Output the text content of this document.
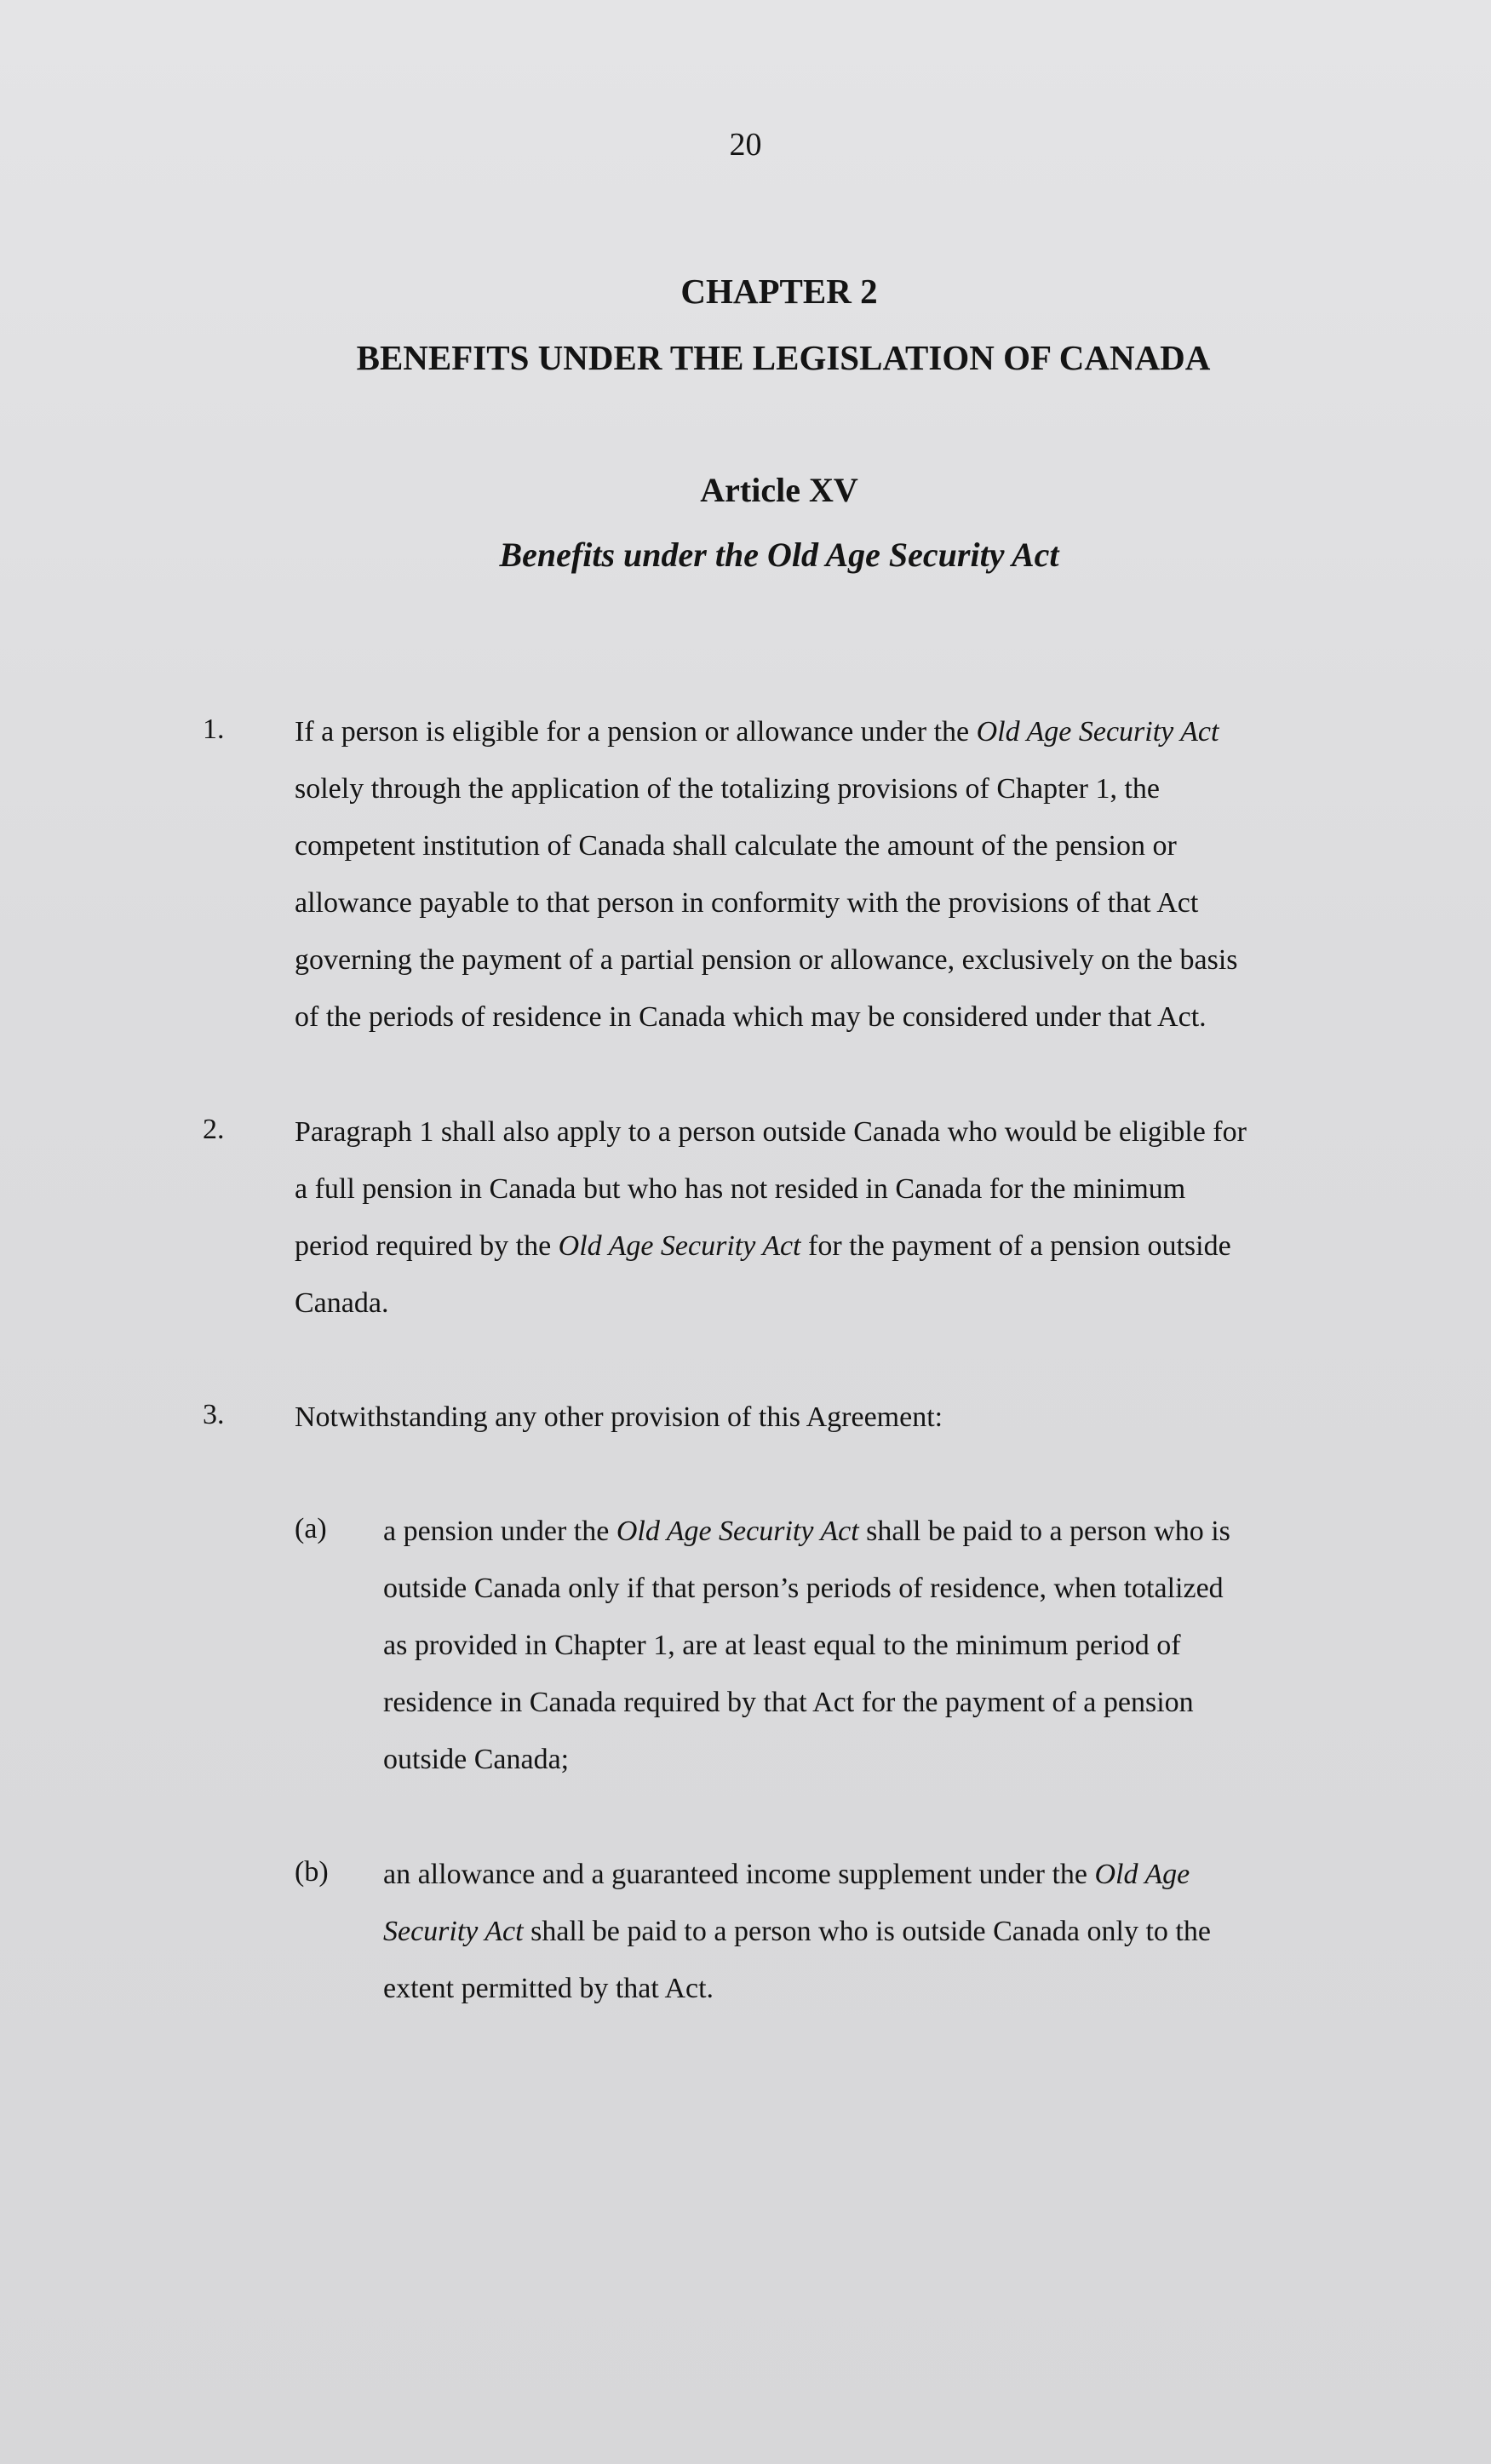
20
CHAPTER 2
BENEFITS UNDER THE LEGISLATION OF CANADA
Article XV
Benefits under the Old Age Security Act
1. If a person is eligible for a pension or allowance under the Old Age Security Act
solely through the application of the totalizing provisions of Chapter 1, the
competent institution of Canada shall calculate the amount of the pension or
allowance payable to that person in conformity with the provisions of that Act
governing the payment of a partial pension or allowance, exclusively on the basis
of the periods of residence in Canada which may be considered under that Act.
2. Paragraph 1 shall also apply to a person outside Canada who would be eligible for
a full pension in Canada but who has not resided in Canada for the minimum
period required by the Old Age Security Act for the payment of a pension outside
Canada.
3. Notwithstanding any other provision of this Agreement:
(a) a pension under the Old Age Security Act shall be paid to a person who is
outside Canada only if that person’s periods of residence, when totalized
as provided in Chapter 1, are at least equal to the minimum period of
residence in Canada required by that Act for the payment of a pension
outside Canada;
(b) an allowance and a guaranteed income supplement under the Old Age
Security Act shall be paid to a person who is outside Canada only to the
extent permitted by that Act.
